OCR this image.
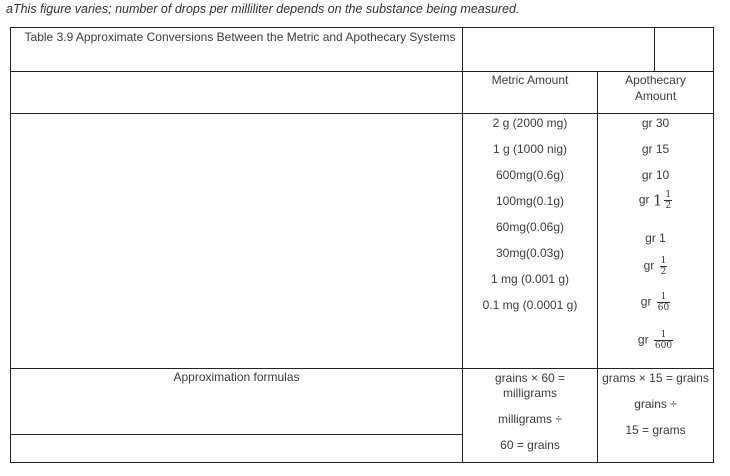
aThis figure varies; number of drops per milliliter depends on the substance being measured.
Table 3.9 Approximate Conversions Between the Metric and Apothecary Systems
Metric Amount	Apothecary
Amount
2 g (2000 mg)
1 g (1000 nig)
600mg(0.6g)
100mg(0.1g)
60mg(0.06g)
30mg(0.03g)
1 mg (0.001 g)
0.1 mg (0.0001 g)
gr 30
gr 15
gr 10
gr $1 \frac{1}{2}$
gr 1
gr $\frac{1}{2}$
gr $\frac{1}{60}$
gr $\frac{1}{600}$
Approximation formulas	grains × 60 =
milligrams
milligrams ÷
60 = grains
grams × 15 = grains
grains ÷
15 = grams
